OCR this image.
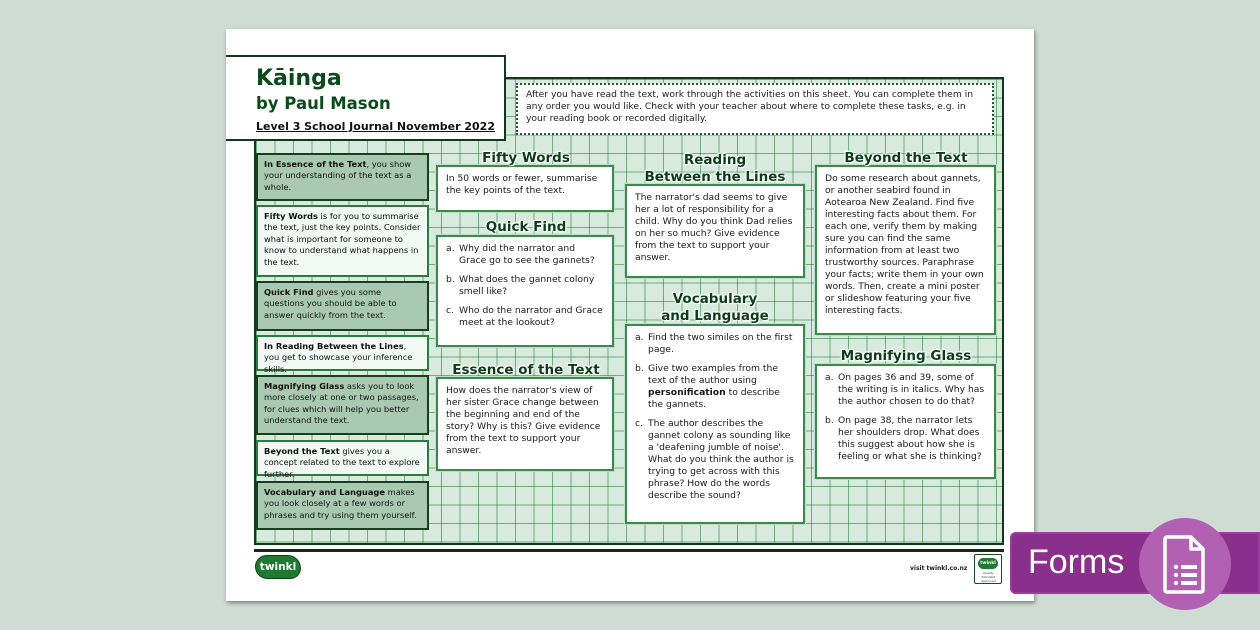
Kāinga
by Paul Mason
Level 3 School Journal November 2022
After you have read the text, work through the activities on this sheet. You can complete them in any order you would like. Check with your teacher about where to complete these tasks, e.g. in your reading book or recorded digitally.
In Essence of the Text, you show your understanding of the text as a whole.
Fifty Words is for you to summarise the text, just the key points. Consider what is important for someone to know to understand what happens in the text.
Quick Find gives you some questions you should be able to answer quickly from the text.
In Reading Between the Lines, you get to showcase your inference skills.
Magnifying Glass asks you to look more closely at one or two passages, for clues which will help you better understand the text.
Beyond the Text gives you a concept related to the text to explore further.
Vocabulary and Language makes you look closely at a few words or phrases and try using them yourself.
Fifty Words
In 50 words or fewer, summarise the key points of the text.
Quick Find
a. Why did the narrator and Grace go to see the gannets?
b. What does the gannet colony smell like?
c. Who do the narrator and Grace meet at the lookout?
Essence of the Text
How does the narrator's view of her sister Grace change between the beginning and end of the story? Why is this? Give evidence from the text to support your answer.
Reading
Between the Lines
The narrator's dad seems to give her a lot of responsibility for a child. Why do you think Dad relies on her so much? Give evidence from the text to support your answer.
Vocabulary
and Language
a. Find the two similes on the first page.
b. Give two examples from the text of the author using personification to describe the gannets.
c. The author describes the gannet colony as sounding like a 'deafening jumble of noise'. What do you think the author is trying to get across with this phrase? How do the words describe the sound?
Beyond the Text
Do some research about gannets, or another seabird found in Aotearoa New Zealand. Find five interesting facts about them. For each one, verify them by making sure you can find the same information from at least two trustworthy sources. Paraphrase your facts; write them in your own words. Then, create a mini poster or slideshow featuring your five interesting facts.
Magnifying Glass
a. On pages 36 and 39, some of the writing is in italics. Why has the author chosen to do that?
b. On page 38, the narrator lets her shoulders drop. What does this suggest about how she is feeling or what she is thinking?
twinkl	visit twinkl.co.nz
twinkl
Quality Standard Approved Forms
